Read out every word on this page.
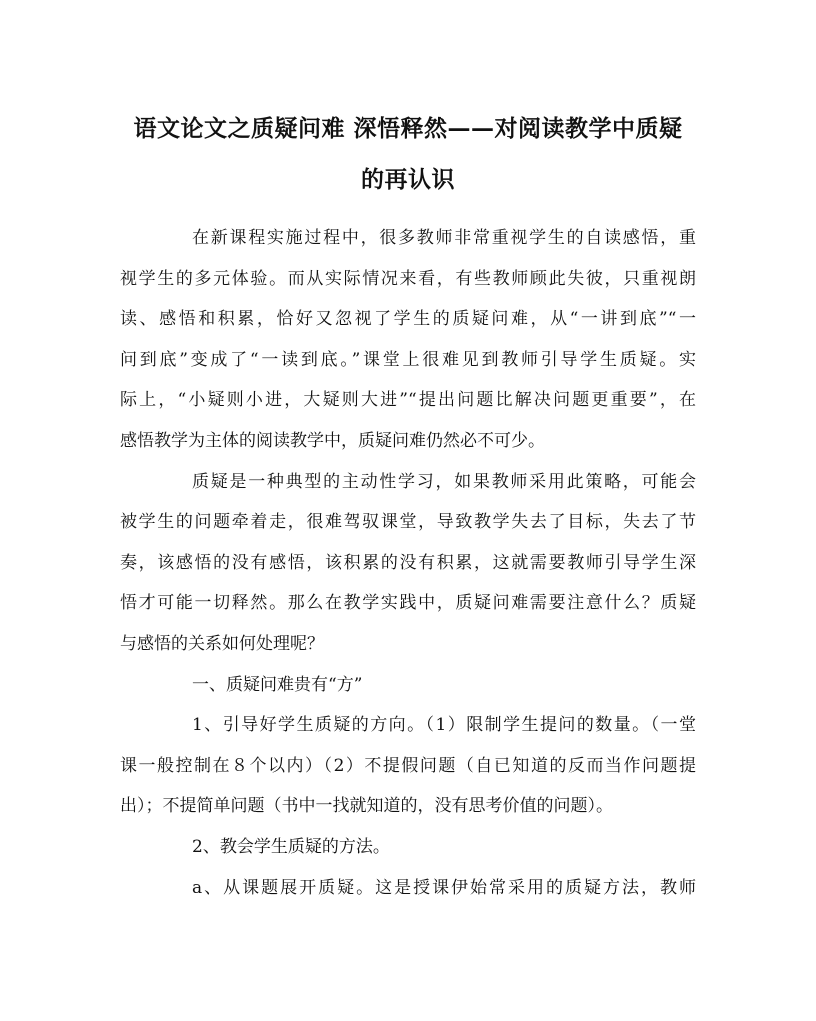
语文论文之质疑问难 深悟释然——对阅读教学中质疑
的再认识
在新课程实施过程中，很多教师非常重视学生的自读感悟，重
视学生的多元体验。而从实际情况来看，有些教师顾此失彼，只重视朗
读、感悟和积累，恰好又忽视了学生的质疑问难，从“一讲到底”“一
问到底”变成了“一读到底。”课堂上很难见到教师引导学生质疑。实
际上，“小疑则小进，大疑则大进”“提出问题比解决问题更重要”，在
感悟教学为主体的阅读教学中，质疑问难仍然必不可少。
质疑是一种典型的主动性学习，如果教师采用此策略，可能会
被学生的问题牵着走，很难驾驭课堂，导致教学失去了目标，失去了节
奏，该感悟的没有感悟，该积累的没有积累，这就需要教师引导学生深
悟才可能一切释然。那么在教学实践中，质疑问难需要注意什么？质疑
与感悟的关系如何处理呢？
一、质疑问难贵有“方”
1、引导好学生质疑的方向。（1）限制学生提问的数量。（一堂
课一般控制在８个以内）（2）不提假问题（自已知道的反而当作问题提
出）；不提简单问题（书中一找就知道的，没有思考价值的问题）。
2、教会学生质疑的方法。
a、从课题展开质疑。这是授课伊始常采用的质疑方法，教师
